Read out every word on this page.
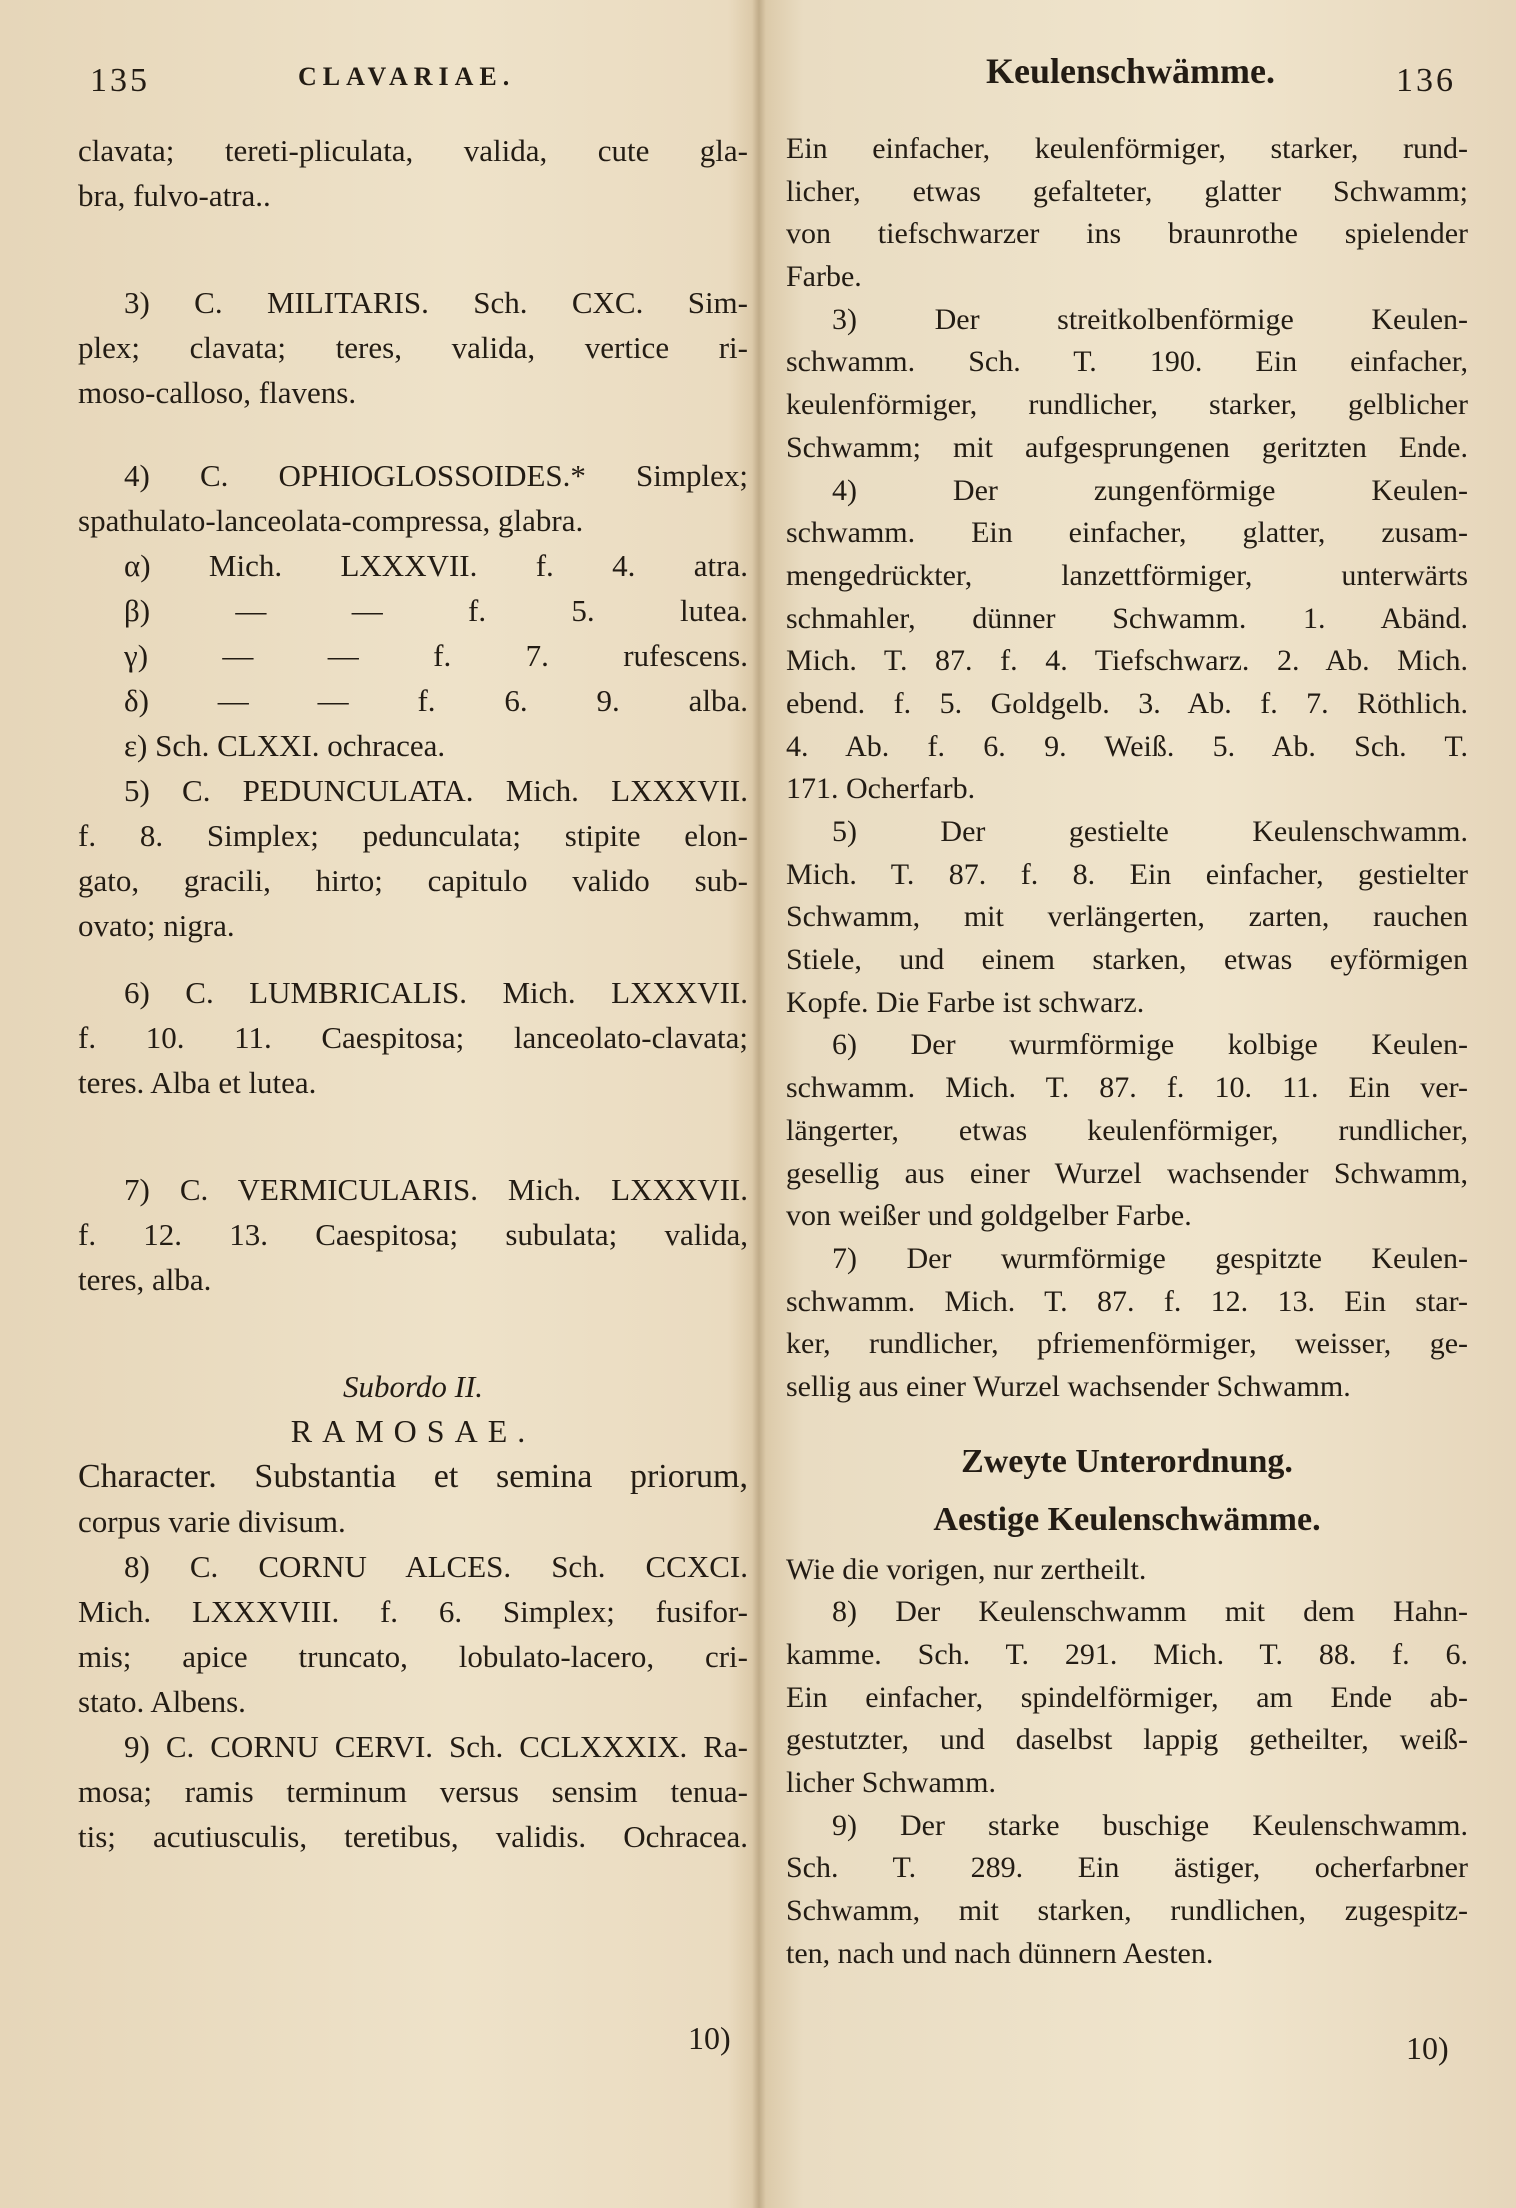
135	CLAVARIAE.
clavata; tereti-pliculata, valida, cute gla-
bra, fulvo-atra..
3) C. MILITARIS. Sch. CXC. Sim-
plex; clavata; teres, valida, vertice ri-
moso-calloso, flavens.
4) C. OPHIOGLOSSOIDES.* Simplex;
spathulato-lanceolata-compressa, glabra.
α) Mich. LXXXVII. f. 4. atra.
β) — — f. 5. lutea.
γ) — — f. 7. rufescens.
δ) — — f. 6. 9. alba.
ε) Sch. CLXXI. ochracea.
5) C. PEDUNCULATA. Mich. LXXXVII.
f. 8. Simplex; pedunculata; stipite elon-
gato, gracili, hirto; capitulo valido sub-
ovato; nigra.
6) C. LUMBRICALIS. Mich. LXXXVII.
f. 10. 11. Caespitosa; lanceolato-clavata;
teres. Alba et lutea.
7) C. VERMICULARIS. Mich. LXXXVII.
f. 12. 13. Caespitosa; subulata; valida,
teres, alba.
Subordo II.
RAMOSAE.
Character. Substantia et semina priorum,
corpus varie divisum.
8) C. CORNU ALCES. Sch. CCXCI.
Mich. LXXXVIII. f. 6. Simplex; fusifor-
mis; apice truncato, lobulato-lacero, cri-
stato. Albens.
9) C. CORNU CERVI. Sch. CCLXXXIX. Ra-
mosa; ramis terminum versus sensim tenua-
tis; acutiusculis, teretibus, validis. Ochracea.
10)
Keulenschwämme.	136
Ein einfacher, keulenförmiger, starker, rund-
licher, etwas gefalteter, glatter Schwamm;
von tiefschwarzer ins braunrothe spielender
Farbe.
3) Der streitkolbenförmige Keulen-
schwamm. Sch. T. 190. Ein einfacher,
keulenförmiger, rundlicher, starker, gelblicher
Schwamm; mit aufgesprungenen geritzten Ende.
4) Der zungenförmige Keulen-
schwamm. Ein einfacher, glatter, zusam-
mengedrückter, lanzettförmiger, unterwärts
schmahler, dünner Schwamm. 1. Abänd.
Mich. T. 87. f. 4. Tiefschwarz. 2. Ab. Mich.
ebend. f. 5. Goldgelb. 3. Ab. f. 7. Röthlich.
4. Ab. f. 6. 9. Weiß. 5. Ab. Sch. T.
171. Ocherfarb.
5) Der gestielte Keulenschwamm.
Mich. T. 87. f. 8. Ein einfacher, gestielter
Schwamm, mit verlängerten, zarten, rauchen
Stiele, und einem starken, etwas eyförmigen
Kopfe. Die Farbe ist schwarz.
6) Der wurmförmige kolbige Keulen-
schwamm. Mich. T. 87. f. 10. 11. Ein ver-
längerter, etwas keulenförmiger, rundlicher,
gesellig aus einer Wurzel wachsender Schwamm,
von weißer und goldgelber Farbe.
7) Der wurmförmige gespitzte Keulen-
schwamm. Mich. T. 87. f. 12. 13. Ein star-
ker, rundlicher, pfriemenförmiger, weisser, ge-
sellig aus einer Wurzel wachsender Schwamm.
Zweyte Unterordnung.
Aestige Keulenschwämme.
Wie die vorigen, nur zertheilt.
8) Der Keulenschwamm mit dem Hahn-
kamme. Sch. T. 291. Mich. T. 88. f. 6.
Ein einfacher, spindelförmiger, am Ende ab-
gestutzter, und daselbst lappig getheilter, weiß-
licher Schwamm.
9) Der starke buschige Keulenschwamm.
Sch. T. 289. Ein ästiger, ocherfarbner
Schwamm, mit starken, rundlichen, zugespitz-
ten, nach und nach dünnern Aesten.
10)
